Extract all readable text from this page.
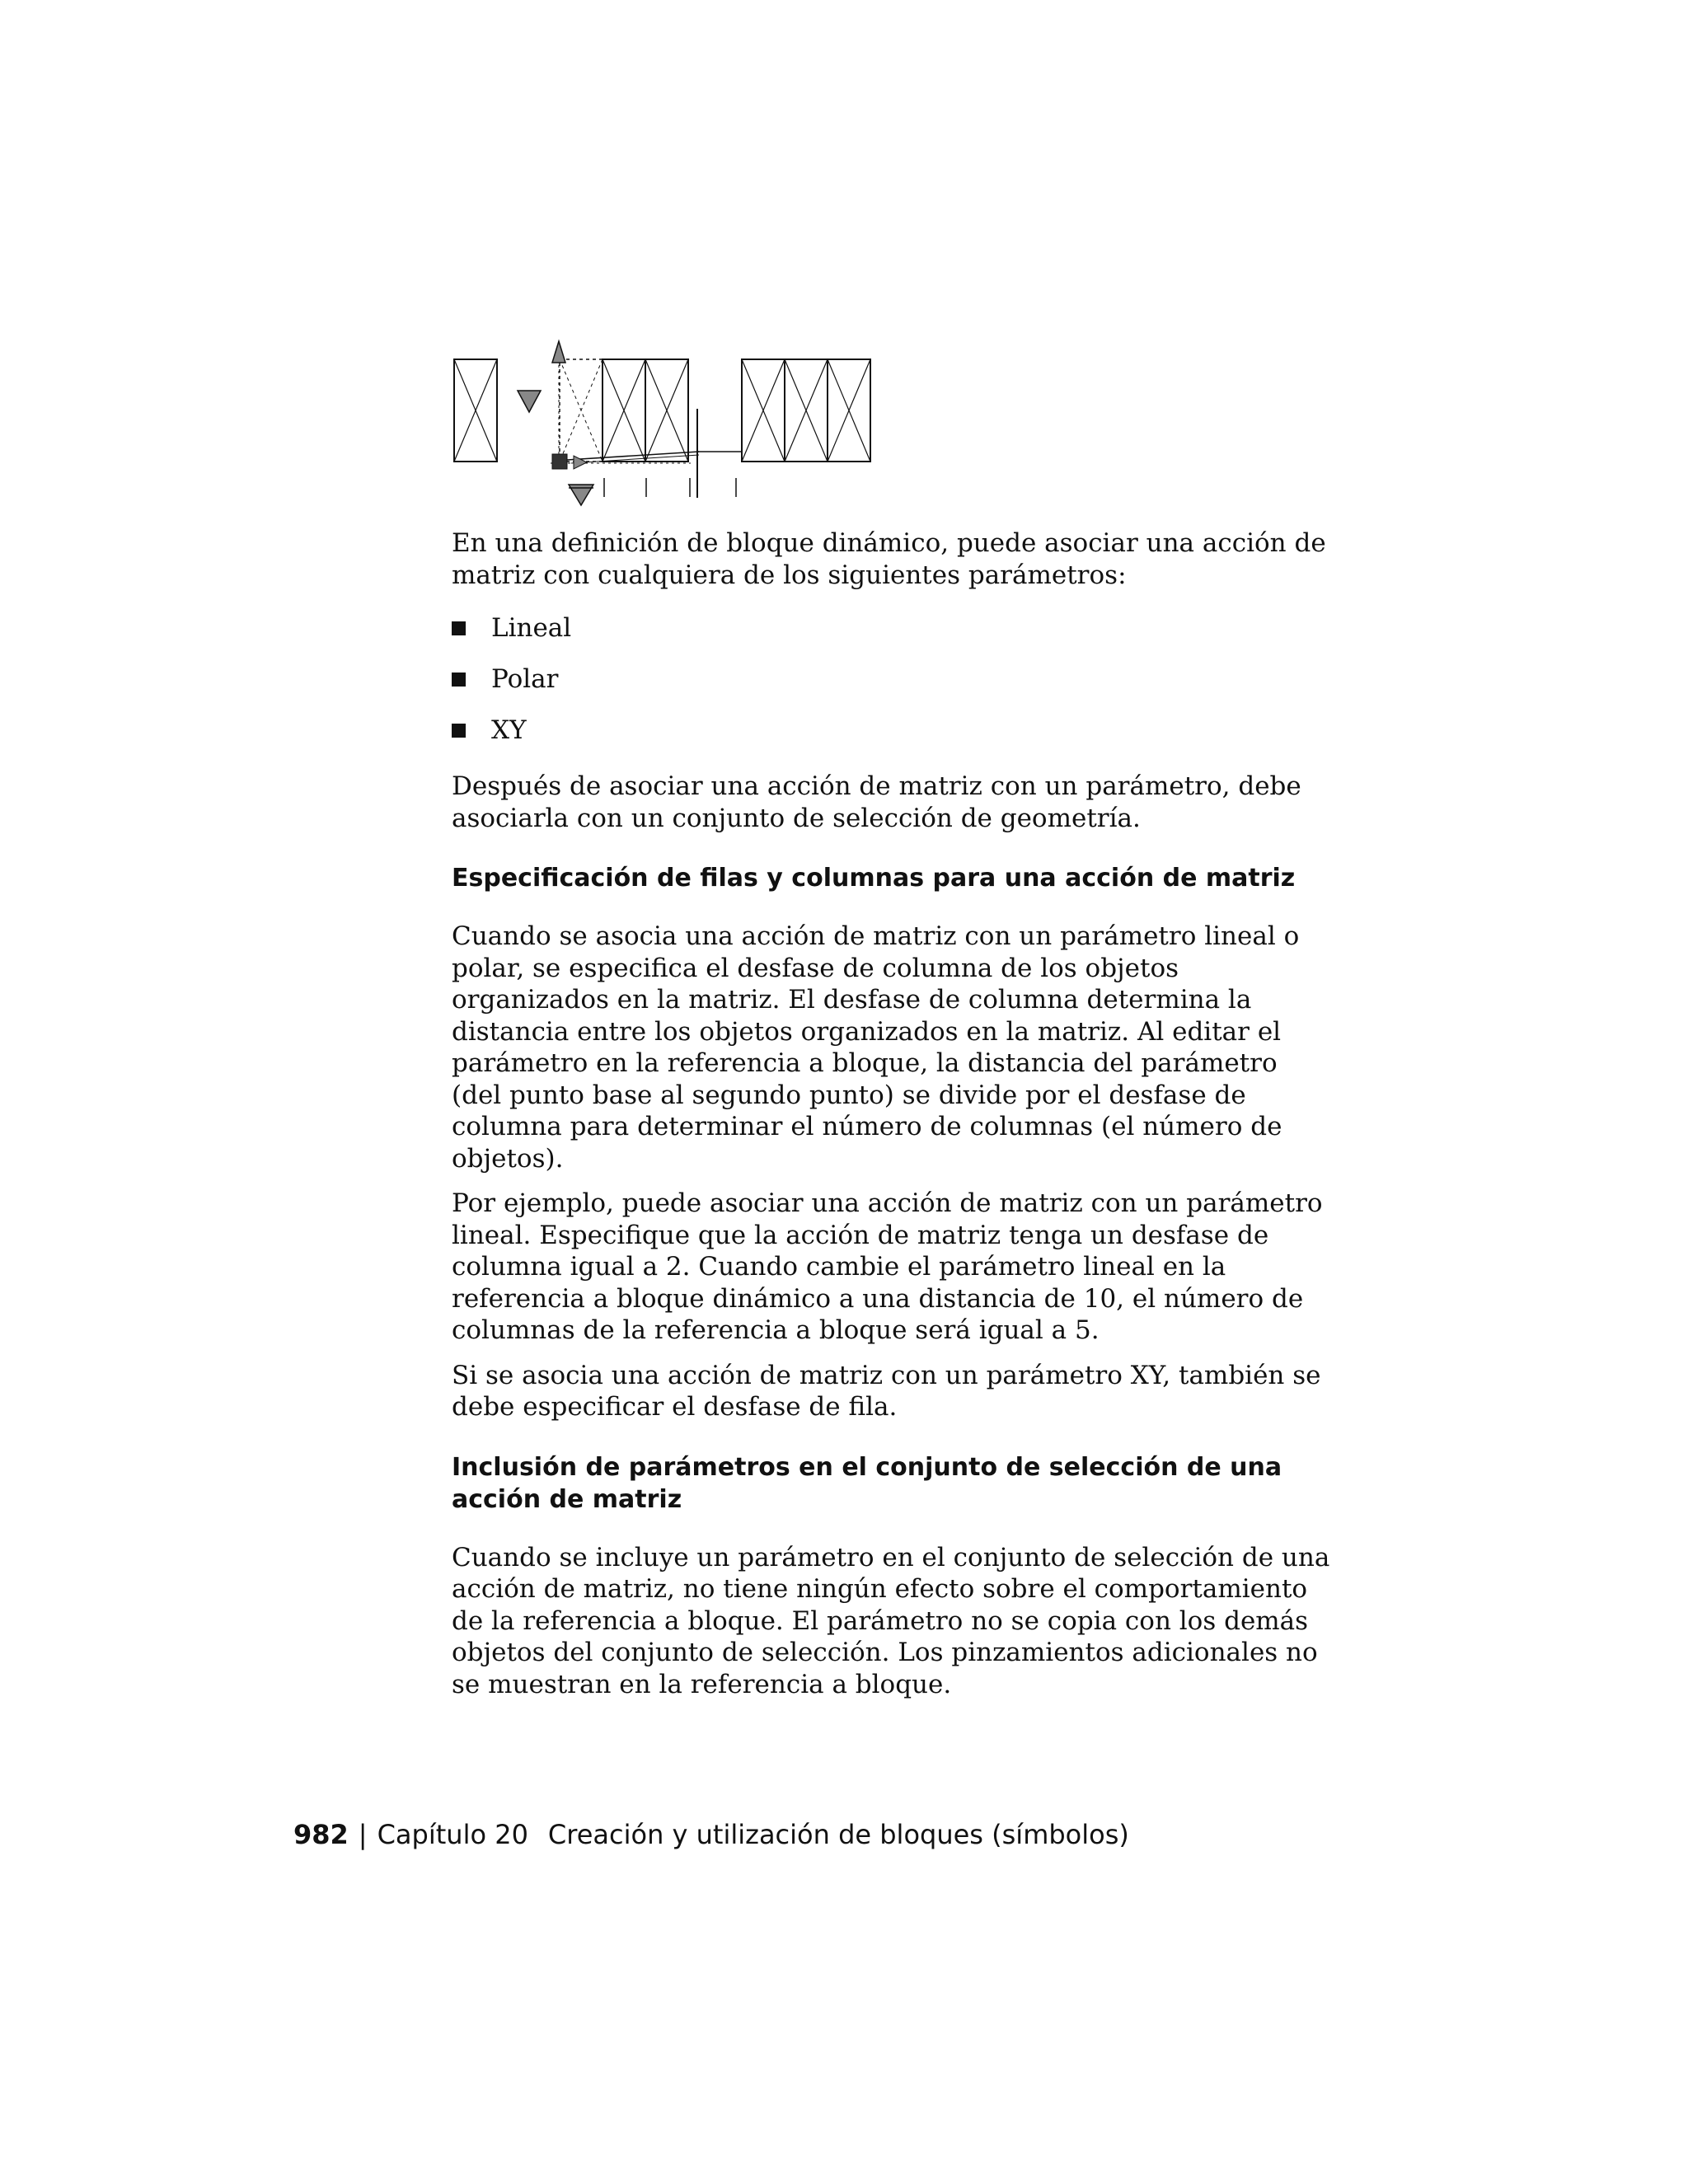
En una definición de bloque dinámico, puede asociar una acción de matriz con cualquiera de los siguientes parámetros:

Lineal
Polar
XY

Después de asociar una acción de matriz con un parámetro, debe asociarla con un conjunto de selección de geometría.

Especificación de filas y columnas para una acción de matriz

Cuando se asocia una acción de matriz con un parámetro lineal o polar, se especifica el desfase de columna de los objetos organizados en la matriz. El desfase de columna determina la distancia entre los objetos organizados en la matriz. Al editar el parámetro en la referencia a bloque, la distancia del parámetro (del punto base al segundo punto) se divide por el desfase de columna para determinar el número de columnas (el número de objetos).

Por ejemplo, puede asociar una acción de matriz con un parámetro lineal. Especifique que la acción de matriz tenga un desfase de columna igual a 2. Cuando cambie el parámetro lineal en la referencia a bloque dinámico a una distancia de 10, el número de columnas de la referencia a bloque será igual a 5.

Si se asocia una acción de matriz con un parámetro XY, también se debe especificar el desfase de fila.

Inclusión de parámetros en el conjunto de selección de una acción de matriz

Cuando se incluye un parámetro en el conjunto de selección de una acción de matriz, no tiene ningún efecto sobre el comportamiento de la referencia a bloque. El parámetro no se copia con los demás objetos del conjunto de selección. Los pinzamientos adicionales no se muestran en la referencia a bloque.

982 | Capítulo 20 Creación y utilización de bloques (símbolos)
